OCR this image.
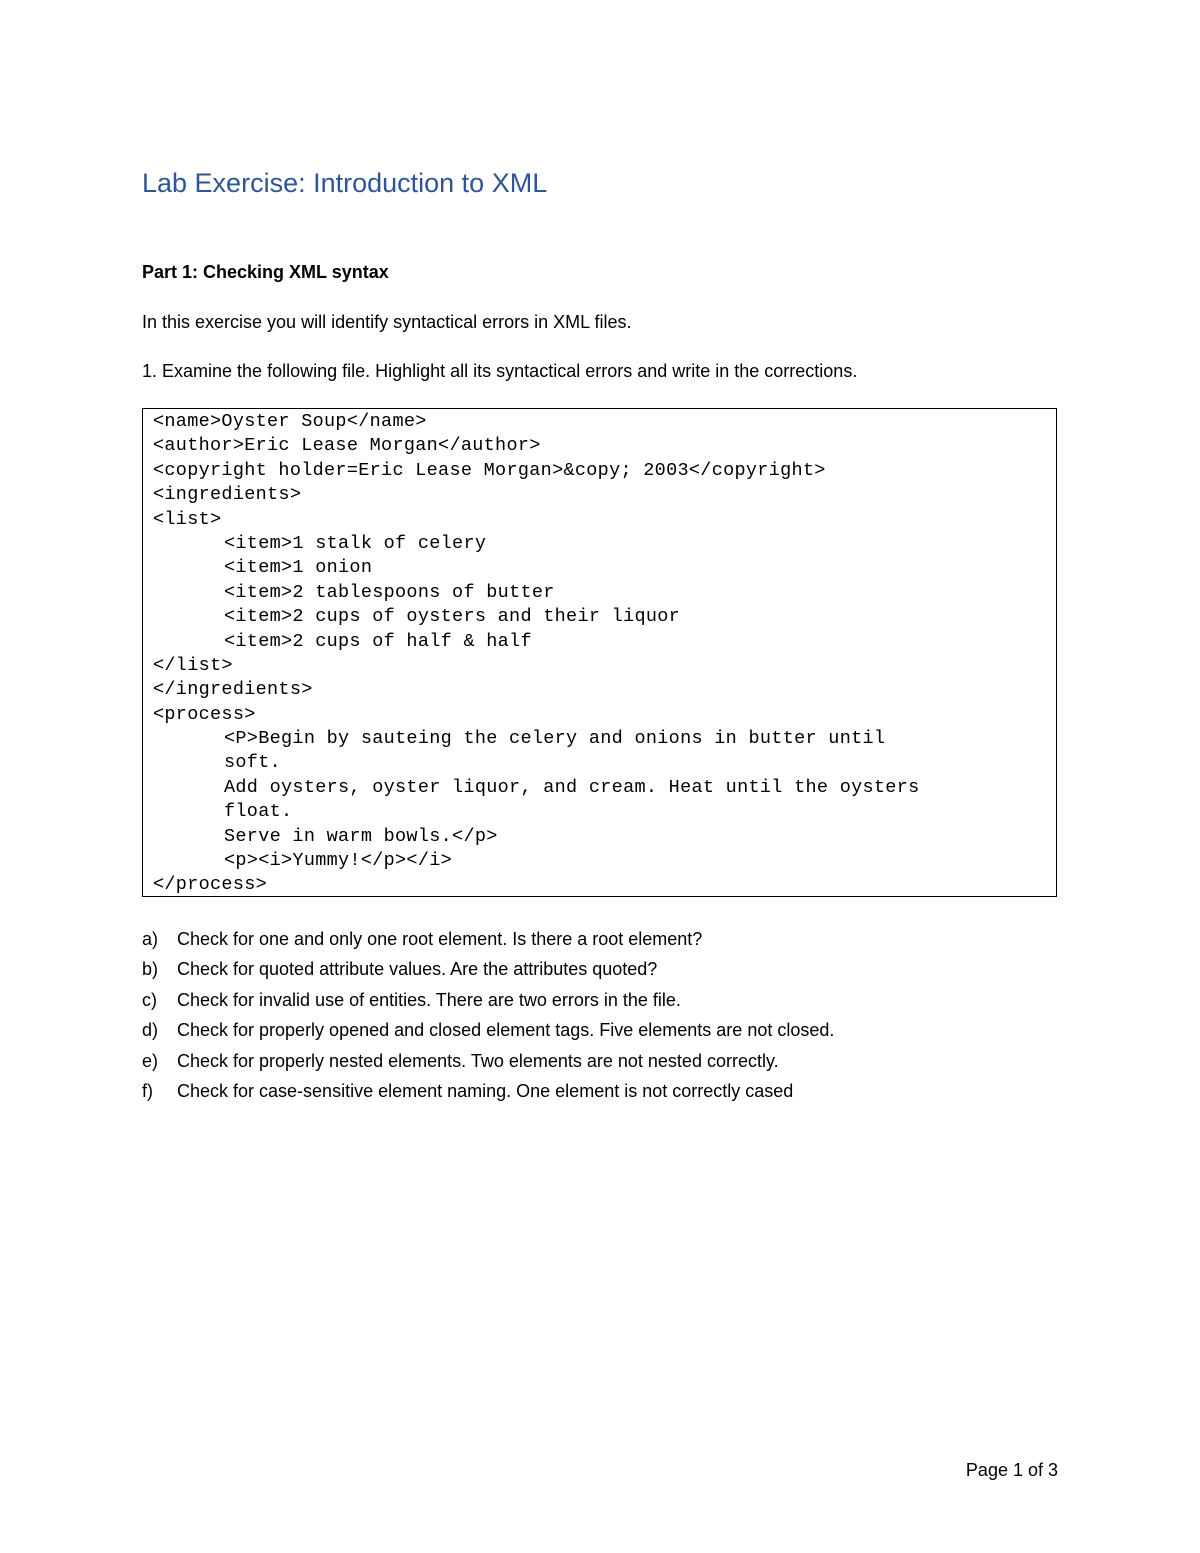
Lab Exercise: Introduction to XML

Part 1: Checking XML syntax

In this exercise you will identify syntactical errors in XML files.

1. Examine the following file. Highlight all its syntactical errors and write in the corrections.

<name>Oyster Soup</name>
<author>Eric Lease Morgan</author>
<copyright holder=Eric Lease Morgan>&copy; 2003</copyright>
<ingredients>
<list>
<item>1 stalk of celery
<item>1 onion
<item>2 tablespoons of butter
<item>2 cups of oysters and their liquor
<item>2 cups of half & half
</list>
</ingredients>
<process>
<P>Begin by sauteing the celery and onions in butter until
soft.
Add oysters, oyster liquor, and cream. Heat until the oysters
float.
Serve in warm bowls.</p>
<p><i>Yummy!</p></i>
</process>
a) Check for one and only one root element. Is there a root element?
b) Check for quoted attribute values. Are the attributes quoted?
c) Check for invalid use of entities. There are two errors in the file.
d) Check for properly opened and closed element tags. Five elements are not closed.
e) Check for properly nested elements. Two elements are not nested correctly.
f) Check for case-sensitive element naming. One element is not correctly cased
Page 1 of 3
